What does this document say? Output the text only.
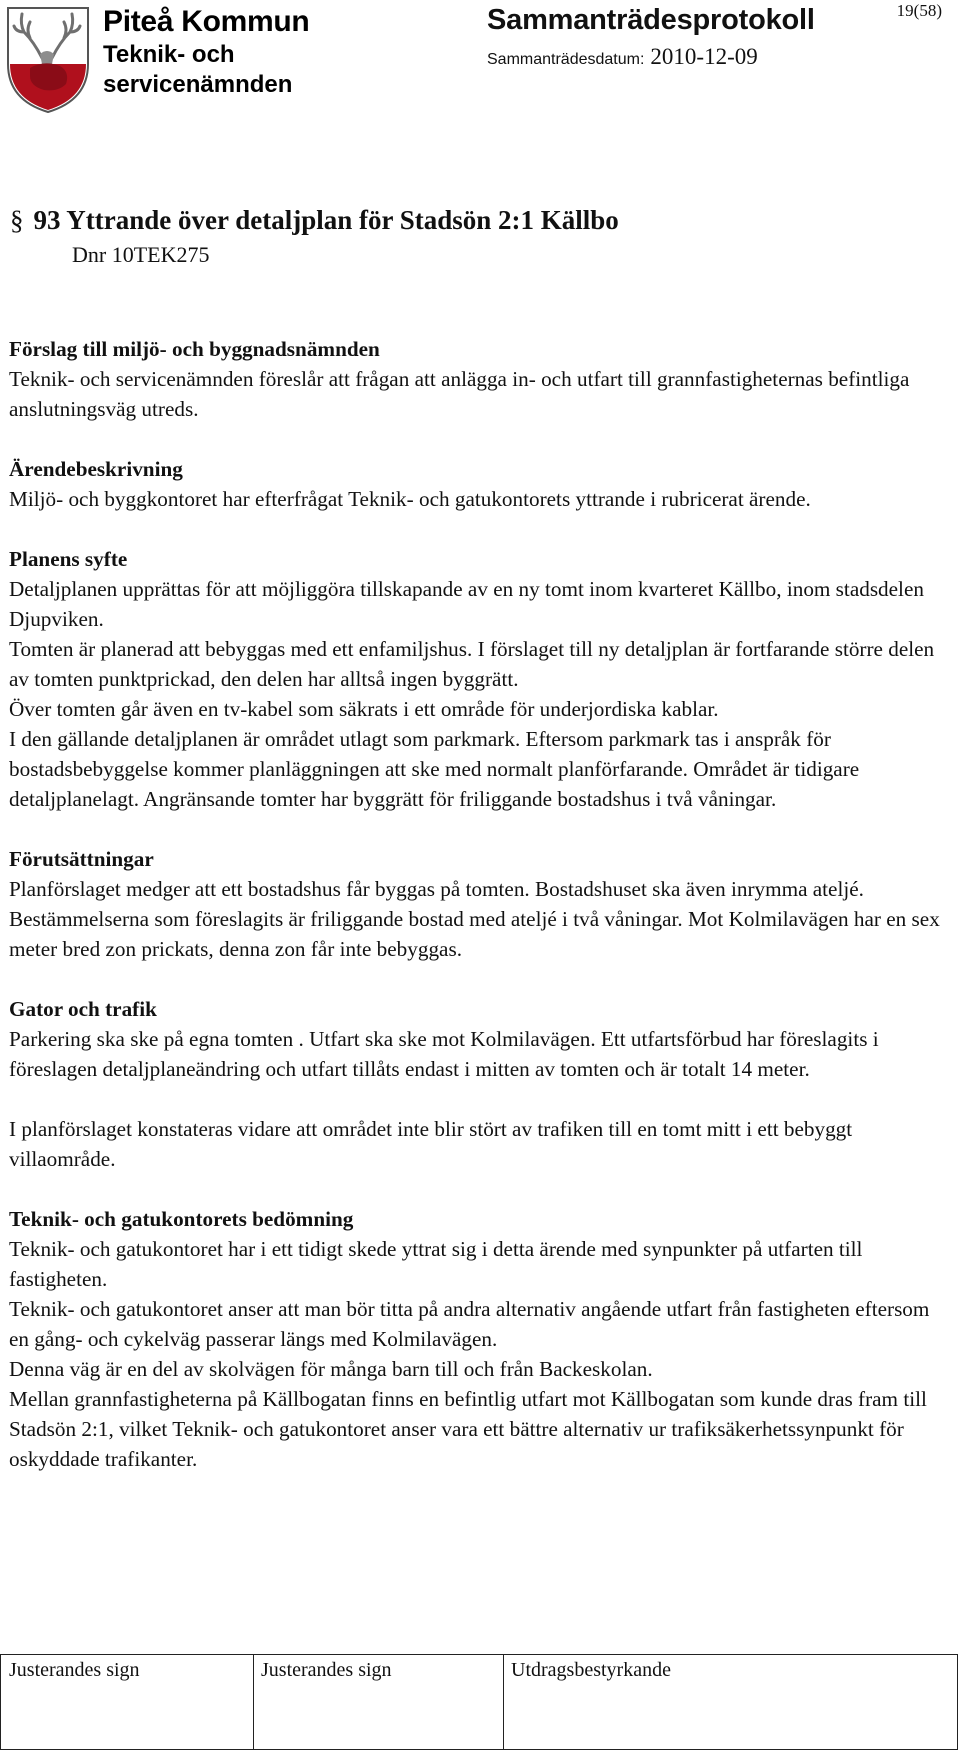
Piteå Kommun
Teknik- och servicenämnden
Sammanträdesprotokoll	19(58)
Sammanträdesdatum: 2010-12-09
§ 93 Yttrande över detaljplan för Stadsön 2:1 Källbo
Dnr 10TEK275
Förslag till miljö- och byggnadsnämnden

Teknik- och servicenämnden föreslår att frågan att anlägga in- och utfart till grannfastigheternas befintliga anslutningsväg utreds.

Ärendebeskrivning

Miljö- och byggkontoret har efterfrågat Teknik- och gatukontorets yttrande i rubricerat ärende.

Planens syfte

Detaljplanen upprättas för att möjliggöra tillskapande av en ny tomt inom kvarteret Källbo, inom stadsdelen Djupviken.

Tomten är planerad att bebyggas med ett enfamiljshus. I förslaget till ny detaljplan är fortfarande större delen av tomten punktprickad, den delen har alltså ingen byggrätt.

Över tomten går även en tv-kabel som säkrats i ett område för underjordiska kablar.

I den gällande detaljplanen är området utlagt som parkmark. Eftersom parkmark tas i anspråk för bostadsbebyggelse kommer planläggningen att ske med normalt planförfarande. Området är tidigare detaljplanelagt. Angränsande tomter har byggrätt för friliggande bostadshus i två våningar.

Förutsättningar

Planförslaget medger att ett bostadshus får byggas på tomten. Bostadshuset ska även inrymma ateljé. Bestämmelserna som föreslagits är friliggande bostad med ateljé i två våningar. Mot Kolmilavägen har en sex meter bred zon prickats, denna zon får inte bebyggas.

Gator och trafik

Parkering ska ske på egna tomten . Utfart ska ske mot Kolmilavägen. Ett utfartsförbud har föreslagits i föreslagen detaljplaneändring och utfart tillåts endast i mitten av tomten och är totalt 14 meter.

I planförslaget konstateras vidare att området inte blir stört av trafiken till en tomt mitt i ett bebyggt villaområde.

Teknik- och gatukontorets bedömning

Teknik- och gatukontoret har i ett tidigt skede yttrat sig i detta ärende med synpunkter på utfarten till fastigheten.

Teknik- och gatukontoret anser att man bör titta på andra alternativ angående utfart från fastigheten eftersom en gång- och cykelväg passerar längs med Kolmilavägen.

Denna väg är en del av skolvägen för många barn till och från Backeskolan.

Mellan grannfastigheterna på Källbogatan finns en befintlig utfart mot Källbogatan som kunde dras fram till Stadsön 2:1, vilket Teknik- och gatukontoret anser vara ett bättre alternativ ur trafiksäkerhetssynpunkt för oskyddade trafikanter.

Justerandes sign	Justerandes sign	Utdragsbestyrkande
